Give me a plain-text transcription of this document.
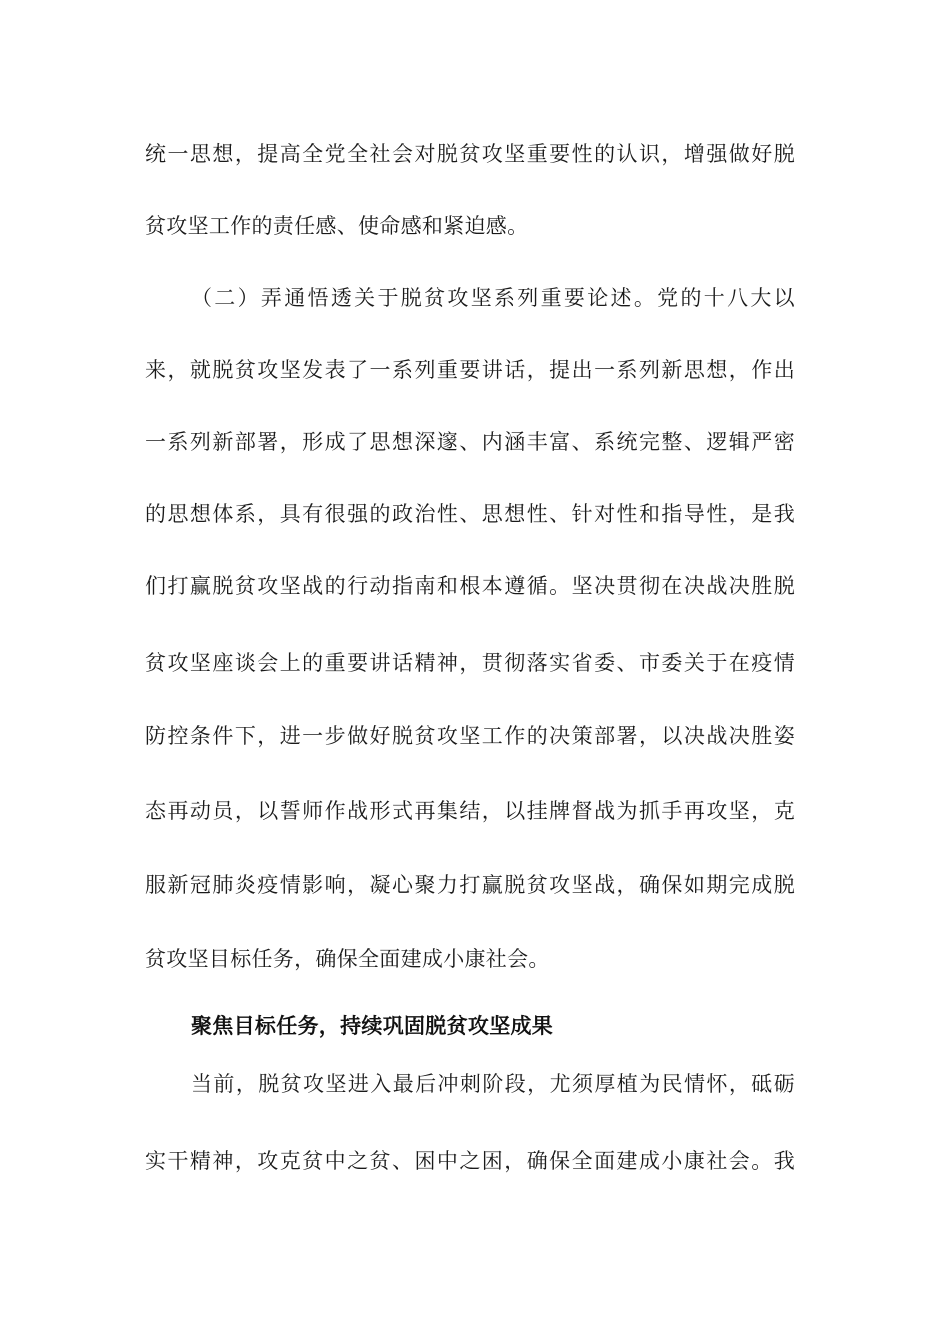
统一思想，提高全党全社会对脱贫攻坚重要性的认识，增强做好脱
贫攻坚工作的责任感、使命感和紧迫感。
（二）弄通悟透关于脱贫攻坚系列重要论述。党的十八大以
来，就脱贫攻坚发表了一系列重要讲话，提出一系列新思想，作出
一系列新部署，形成了思想深邃、内涵丰富、系统完整、逻辑严密
的思想体系，具有很强的政治性、思想性、针对性和指导性，是我
们打赢脱贫攻坚战的行动指南和根本遵循。坚决贯彻在决战决胜脱
贫攻坚座谈会上的重要讲话精神，贯彻落实省委、市委关于在疫情
防控条件下，进一步做好脱贫攻坚工作的决策部署，以决战决胜姿
态再动员，以誓师作战形式再集结，以挂牌督战为抓手再攻坚，克
服新冠肺炎疫情影响，凝心聚力打赢脱贫攻坚战，确保如期完成脱
贫攻坚目标任务，确保全面建成小康社会。
聚焦目标任务，持续巩固脱贫攻坚成果
当前，脱贫攻坚进入最后冲刺阶段，尤须厚植为民情怀，砥砺
实干精神，攻克贫中之贫、困中之困，确保全面建成小康社会。我
